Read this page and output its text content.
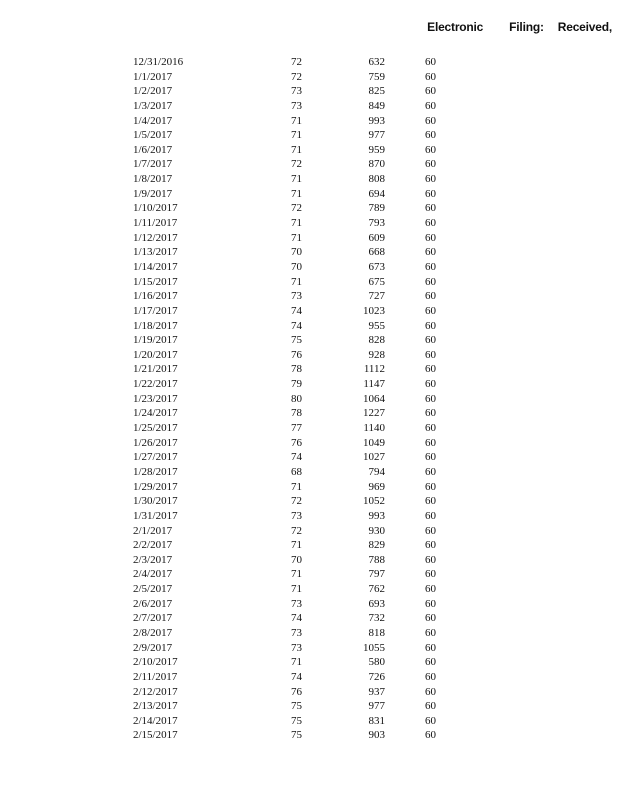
Electronic Filing: Received,
12/31/2016	72	632	60
1/1/2017	72	759	60
1/2/2017	73	825	60
1/3/2017	73	849	60
1/4/2017	71	993	60
1/5/2017	71	977	60
1/6/2017	71	959	60
1/7/2017	72	870	60
1/8/2017	71	808	60
1/9/2017	71	694	60
1/10/2017	72	789	60
1/11/2017	71	793	60
1/12/2017	71	609	60
1/13/2017	70	668	60
1/14/2017	70	673	60
1/15/2017	71	675	60
1/16/2017	73	727	60
1/17/2017	74	1023	60
1/18/2017	74	955	60
1/19/2017	75	828	60
1/20/2017	76	928	60
1/21/2017	78	1112	60
1/22/2017	79	1147	60
1/23/2017	80	1064	60
1/24/2017	78	1227	60
1/25/2017	77	1140	60
1/26/2017	76	1049	60
1/27/2017	74	1027	60
1/28/2017	68	794	60
1/29/2017	71	969	60
1/30/2017	72	1052	60
1/31/2017	73	993	60
2/1/2017	72	930	60
2/2/2017	71	829	60
2/3/2017	70	788	60
2/4/2017	71	797	60
2/5/2017	71	762	60
2/6/2017	73	693	60
2/7/2017	74	732	60
2/8/2017	73	818	60
2/9/2017	73	1055	60
2/10/2017	71	580	60
2/11/2017	74	726	60
2/12/2017	76	937	60
2/13/2017	75	977	60
2/14/2017	75	831	60
2/15/2017	75	903	60
